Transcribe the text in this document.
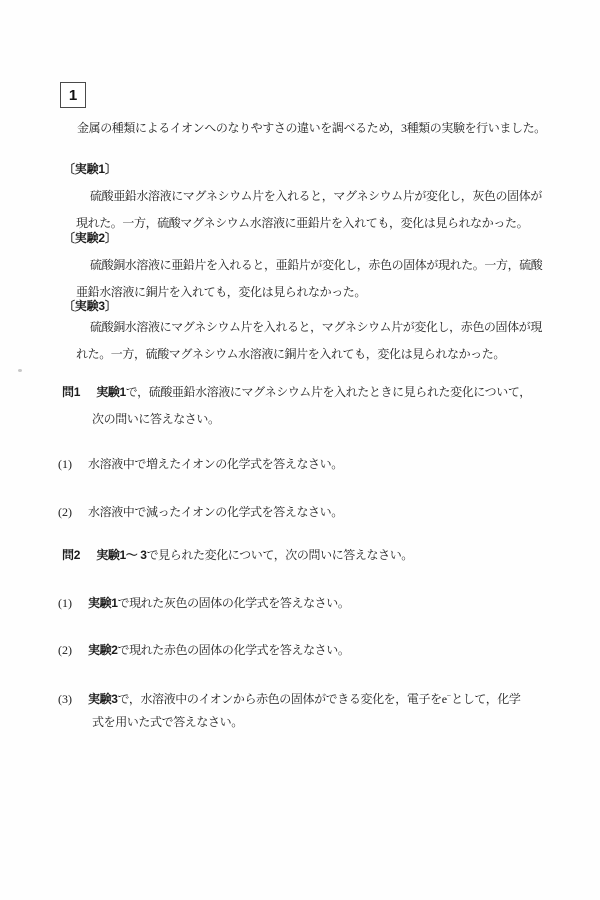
1
金属の種類によるイオンへのなりやすさの違いを調べるため，3種類の実験を行いました。
〔実験1〕
硫酸亜鉛水溶液にマグネシウム片を入れると，マグネシウム片が変化し，灰色の固体が
現れた。一方，硫酸マグネシウム水溶液に亜鉛片を入れても，変化は見られなかった。
〔実験2〕
硫酸銅水溶液に亜鉛片を入れると，亜鉛片が変化し，赤色の固体が現れた。一方，硫酸
亜鉛水溶液に銅片を入れても，変化は見られなかった。
〔実験3〕
硫酸銅水溶液にマグネシウム片を入れると，マグネシウム片が変化し，赤色の固体が現
れた。一方，硫酸マグネシウム水溶液に銅片を入れても，変化は見られなかった。
問1 実験1で，硫酸亜鉛水溶液にマグネシウム片を入れたときに見られた変化について，
次の問いに答えなさい。
(1) 水溶液中で増えたイオンの化学式を答えなさい。
(2) 水溶液中で減ったイオンの化学式を答えなさい。
問2 実験1～ 3で見られた変化について，次の問いに答えなさい。
(1) 実験1で現れた灰色の固体の化学式を答えなさい。
(2) 実験2で現れた赤色の固体の化学式を答えなさい。
(3) 実験3で，水溶液中のイオンから赤色の固体ができる変化を，電子をe−として，化学
式を用いた式で答えなさい。
